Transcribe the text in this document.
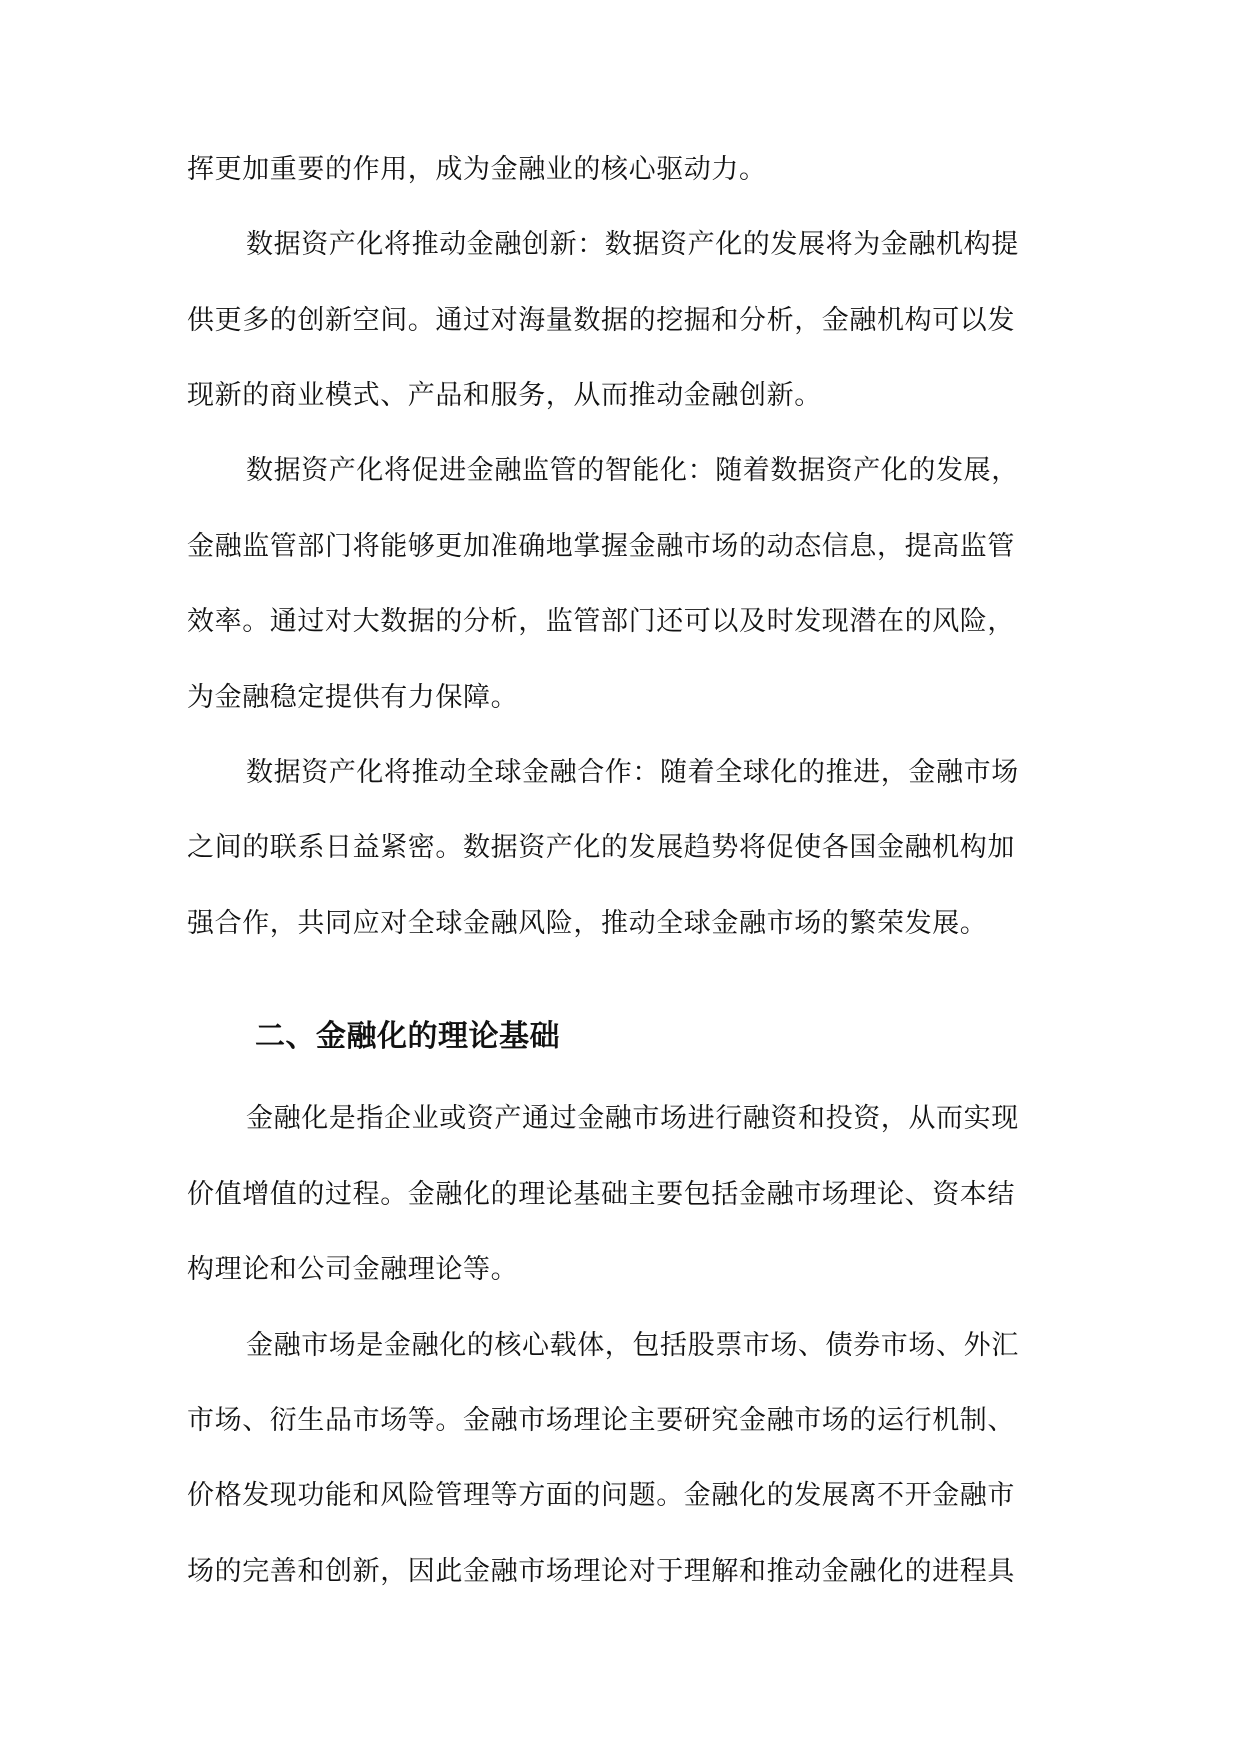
挥更加重要的作用，成为金融业的核心驱动力。
数据资产化将推动金融创新：数据资产化的发展将为金融机构提
供更多的创新空间。通过对海量数据的挖掘和分析，金融机构可以发
现新的商业模式、产品和服务，从而推动金融创新。
数据资产化将促进金融监管的智能化：随着数据资产化的发展，
金融监管部门将能够更加准确地掌握金融市场的动态信息，提高监管
效率。通过对大数据的分析，监管部门还可以及时发现潜在的风险，
为金融稳定提供有力保障。
数据资产化将推动全球金融合作：随着全球化的推进，金融市场
之间的联系日益紧密。数据资产化的发展趋势将促使各国金融机构加
强合作，共同应对全球金融风险，推动全球金融市场的繁荣发展。
二、金融化的理论基础
金融化是指企业或资产通过金融市场进行融资和投资，从而实现
价值增值的过程。金融化的理论基础主要包括金融市场理论、资本结
构理论和公司金融理论等。
金融市场是金融化的核心载体，包括股票市场、债券市场、外汇
市场、衍生品市场等。金融市场理论主要研究金融市场的运行机制、
价格发现功能和风险管理等方面的问题。金融化的发展离不开金融市
场的完善和创新，因此金融市场理论对于理解和推动金融化的进程具
